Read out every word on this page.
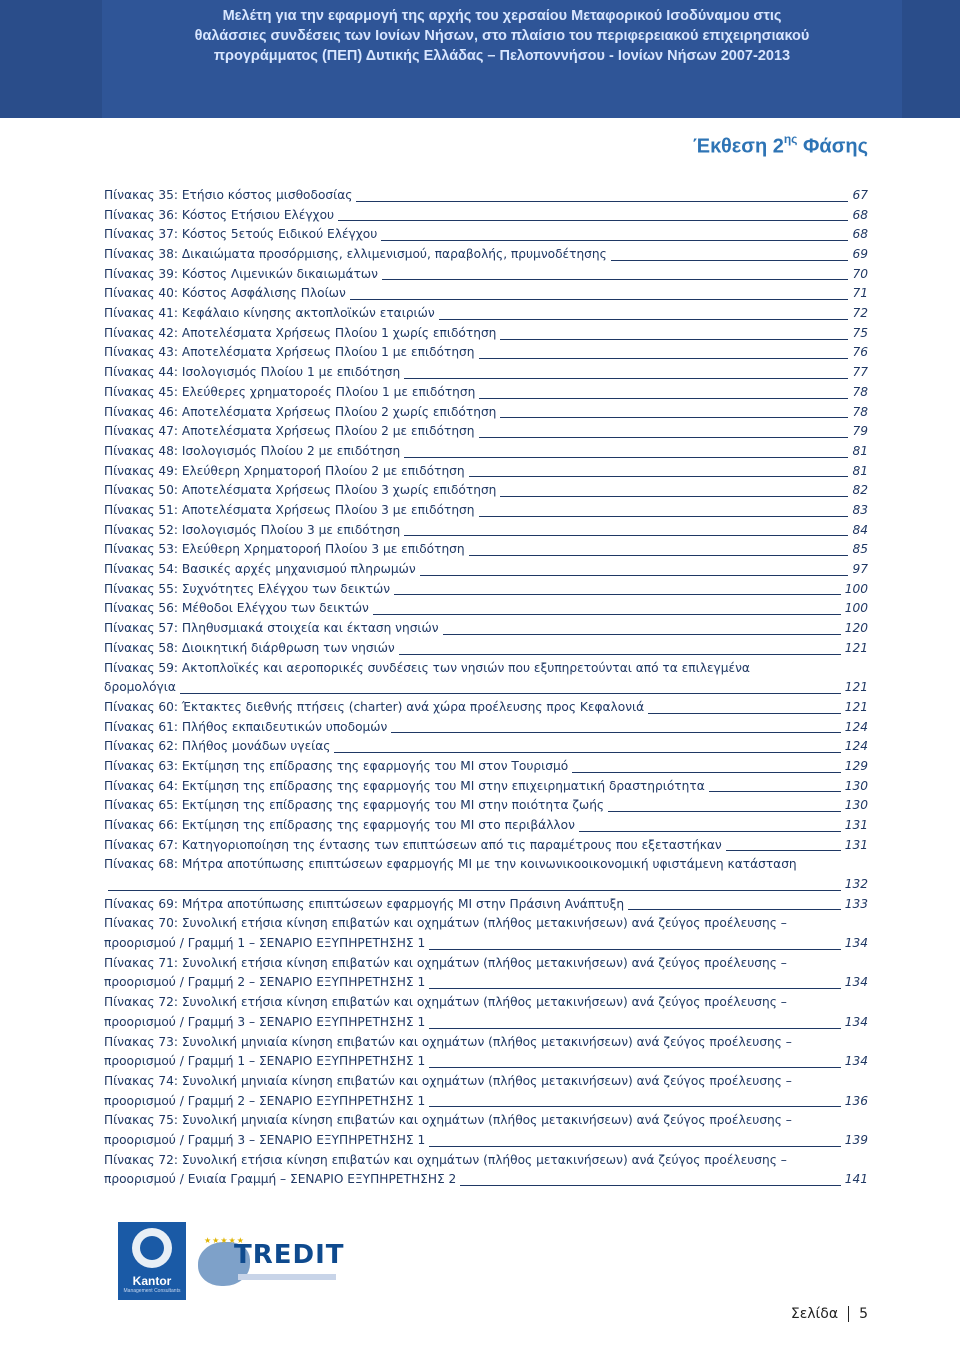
Μελέτη για την εφαρμογή της αρχής του χερσαίου Μεταφορικού Ισοδύναμου στις
θαλάσσιες συνδέσεις των Ιονίων Νήσων, στο πλαίσιο του περιφερειακού επιχειρησιακού
προγράμματος (ΠΕΠ) Δυτικής Ελλάδας – Πελοποννήσου - Ιονίων Νήσων 2007-2013

Έκθεση $2^{\eta\varsigma}$ Φάσης

Πίνακας 35: Ετήσιο κόστος μισθοδοσίας	67
Πίνακας 36: Κόστος Ετήσιου Ελέγχου	68
Πίνακας 37: Κόστος 5ετούς Ειδικού Ελέγχου	68
Πίνακας 38: Δικαιώματα προσόρμισης, ελλιμενισμού, παραβολής, πρυμνοδέτησης	69
Πίνακας 39: Κόστος Λιμενικών δικαιωμάτων	70
Πίνακας 40: Κόστος Ασφάλισης Πλοίων	71
Πίνακας 41: Κεφάλαιο κίνησης ακτοπλοϊκών εταιριών	72
Πίνακας 42: Αποτελέσματα Χρήσεως Πλοίου 1 χωρίς επιδότηση	75
Πίνακας 43: Αποτελέσματα Χρήσεως Πλοίου 1 με επιδότηση	76
Πίνακας 44: Ισολογισμός Πλοίου 1 με επιδότηση	77
Πίνακας 45: Ελεύθερες χρηματοροές Πλοίου 1 με επιδότηση	78
Πίνακας 46: Αποτελέσματα Χρήσεως Πλοίου 2 χωρίς επιδότηση	78
Πίνακας 47: Αποτελέσματα Χρήσεως Πλοίου 2 με επιδότηση	79
Πίνακας 48: Ισολογισμός Πλοίου 2 με επιδότηση	81
Πίνακας 49: Ελεύθερη Χρηματοροή Πλοίου 2 με επιδότηση	81
Πίνακας 50: Αποτελέσματα Χρήσεως Πλοίου 3 χωρίς επιδότηση	82
Πίνακας 51: Αποτελέσματα Χρήσεως Πλοίου 3 με επιδότηση	83
Πίνακας 52: Ισολογισμός Πλοίου 3 με επιδότηση	84
Πίνακας 53: Ελεύθερη Χρηματοροή Πλοίου 3 με επιδότηση	85
Πίνακας 54: Βασικές αρχές μηχανισμού πληρωμών	97
Πίνακας 55: Συχνότητες Ελέγχου των δεικτών	100
Πίνακας 56: Μέθοδοι Ελέγχου των δεικτών	100
Πίνακας 57: Πληθυσμιακά στοιχεία και έκταση νησιών	120
Πίνακας 58: Διοικητική διάρθρωση των νησιών	121
Πίνακας 59: Ακτοπλοϊκές και αεροπορικές συνδέσεις των νησιών που εξυπηρετούνται από τα επιλεγμένα
δρομολόγια	121
Πίνακας 60: Έκτακτες διεθνής πτήσεις (charter) ανά χώρα προέλευσης προς Κεφαλονιά	121
Πίνακας 61: Πλήθος εκπαιδευτικών υποδομών	124
Πίνακας 62: Πλήθος μονάδων υγείας	124
Πίνακας 63: Εκτίμηση της επίδρασης της εφαρμογής του ΜΙ στον Τουρισμό	129
Πίνακας 64: Εκτίμηση της επίδρασης της εφαρμογής του ΜΙ στην επιχειρηματική δραστηριότητα	130
Πίνακας 65: Εκτίμηση της επίδρασης της εφαρμογής του ΜΙ στην ποιότητα ζωής	130
Πίνακας 66: Εκτίμηση της επίδρασης της εφαρμογής του ΜΙ στο περιβάλλον	131
Πίνακας 67: Κατηγοριοποίηση της έντασης των επιπτώσεων από τις παραμέτρους που εξεταστήκαν	131
Πίνακας 68: Μήτρα αποτύπωσης επιπτώσεων εφαρμογής ΜΙ με την κοινωνικοοικονομική υφιστάμενη κατάσταση
132
Πίνακας 69: Μήτρα αποτύπωσης επιπτώσεων εφαρμογής ΜΙ στην Πράσινη Ανάπτυξη	133
Πίνακας 70: Συνολική ετήσια κίνηση επιβατών και οχημάτων (πλήθος μετακινήσεων) ανά ζεύγος προέλευσης –
προορισμού / Γραμμή 1 – ΣΕΝΑΡΙΟ ΕΞΥΠΗΡΕΤΗΣΗΣ 1	134
Πίνακας 71: Συνολική ετήσια κίνηση επιβατών και οχημάτων (πλήθος μετακινήσεων) ανά ζεύγος προέλευσης –
προορισμού / Γραμμή 2 – ΣΕΝΑΡΙΟ ΕΞΥΠΗΡΕΤΗΣΗΣ 1	134
Πίνακας 72: Συνολική ετήσια κίνηση επιβατών και οχημάτων (πλήθος μετακινήσεων) ανά ζεύγος προέλευσης –
προορισμού / Γραμμή 3 – ΣΕΝΑΡΙΟ ΕΞΥΠΗΡΕΤΗΣΗΣ 1	134
Πίνακας 73: Συνολική μηνιαία κίνηση επιβατών και οχημάτων (πλήθος μετακινήσεων) ανά ζεύγος προέλευσης –
προορισμού / Γραμμή 1 – ΣΕΝΑΡΙΟ ΕΞΥΠΗΡΕΤΗΣΗΣ 1	134
Πίνακας 74: Συνολική μηνιαία κίνηση επιβατών και οχημάτων (πλήθος μετακινήσεων) ανά ζεύγος προέλευσης –
προορισμού / Γραμμή 2 – ΣΕΝΑΡΙΟ ΕΞΥΠΗΡΕΤΗΣΗΣ 1	136
Πίνακας 75: Συνολική μηνιαία κίνηση επιβατών και οχημάτων (πλήθος μετακινήσεων) ανά ζεύγος προέλευσης –
προορισμού / Γραμμή 3 – ΣΕΝΑΡΙΟ ΕΞΥΠΗΡΕΤΗΣΗΣ 1	139
Πίνακας 72: Συνολική ετήσια κίνηση επιβατών και οχημάτων (πλήθος μετακινήσεων) ανά ζεύγος προέλευσης –
προορισμού / Ενιαία Γραμμή – ΣΕΝΑΡΙΟ ΕΞΥΠΗΡΕΤΗΣΗΣ 2	141
Kantor
Management Consultants
★★★★★
TREDIT

Σελίδα 5
